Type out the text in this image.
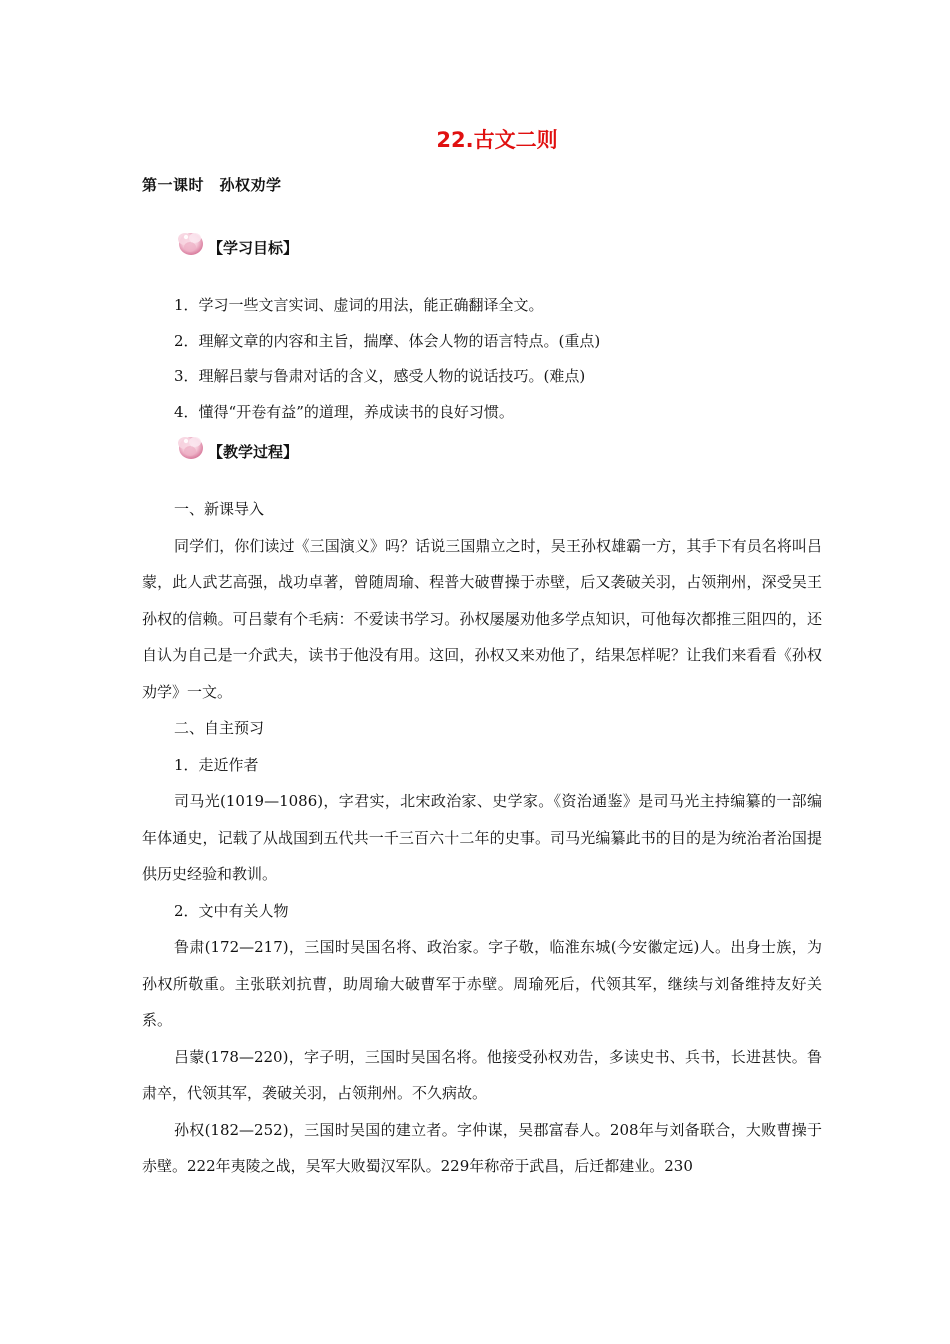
22.古文二则
第一课时　孙权劝学
【学习目标】
1．学习一些文言实词、虚词的用法，能正确翻译全文。
2．理解文章的内容和主旨，揣摩、体会人物的语言特点。(重点)
3．理解吕蒙与鲁肃对话的含义，感受人物的说话技巧。(难点)
4．懂得“开卷有益”的道理，养成读书的良好习惯。
【教学过程】

一、新课导入

同学们，你们读过《三国演义》吗？话说三国鼎立之时，吴王孙权雄霸一方，其手下有员名将叫吕蒙，此人武艺高强，战功卓著，曾随周瑜、程普大破曹操于赤壁，后又袭破关羽，占领荆州，深受吴王孙权的信赖。可吕蒙有个毛病：不爱读书学习。孙权屡屡劝他多学点知识，可他每次都推三阻四的，还自认为自己是一介武夫，读书于他没有用。这回，孙权又来劝他了，结果怎样呢？让我们来看看《孙权劝学》一文。

二、自主预习

1．走近作者

司马光(1019—1086)，字君实，北宋政治家、史学家。《资治通鉴》是司马光主持编纂的一部编年体通史，记载了从战国到五代共一千三百六十二年的史事。司马光编纂此书的目的是为统治者治国提供历史经验和教训。

2．文中有关人物

鲁肃(172—217)，三国时吴国名将、政治家。字子敬，临淮东城(今安徽定远)人。出身士族，为孙权所敬重。主张联刘抗曹，助周瑜大破曹军于赤壁。周瑜死后，代领其军，继续与刘备维持友好关系。

吕蒙(178—220)，字子明，三国时吴国名将。他接受孙权劝告，多读史书、兵书，长进甚快。鲁肃卒，代领其军，袭破关羽，占领荆州。不久病故。

孙权(182—252)，三国时吴国的建立者。字仲谋，吴郡富春人。208年与刘备联合，大败曹操于赤壁。222年夷陵之战，吴军大败蜀汉军队。229年称帝于武昌，后迁都建业。230
